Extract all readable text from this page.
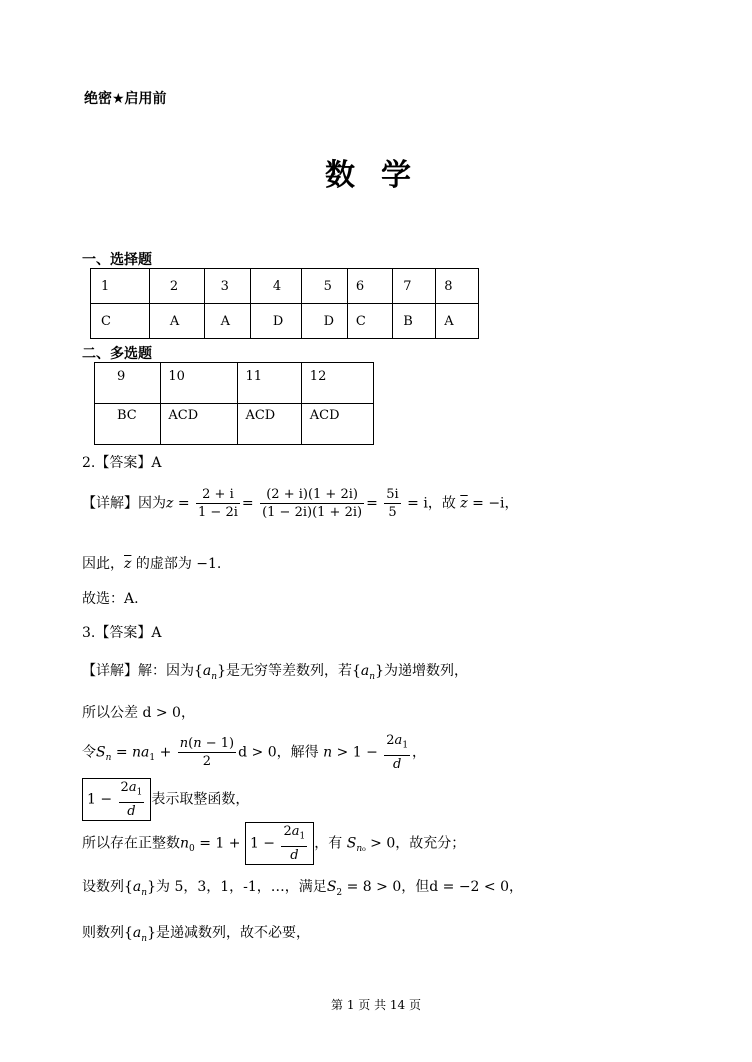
绝密★启用前
数学
一、选择题
1	2	3	4	5	6	7	8
C	A	A	D	D	C	B	A
二、多选题
9	10	11	12
BC	ACD	ACD	ACD
2.【答案】A
【详解】因为$z = \frac{2 + i}{1 - 2i} = \frac{(2 + i)(1 + 2i)}{(1 - 2i)(1 + 2i)} = \frac{5i}{5} = i$，故 $\overline{z} = -i$，
因此，$\overline{z}$ 的虚部为 −1.
故选：A.
3.【答案】A
【详解】解：因为$\{a_n\}$是无穷等差数列，若$\{a_n\}$为递增数列，
所以公差 d > 0，
令$S_n = na_1 + \frac{n(n - 1)}{2}$ d > 0，解得 $n > 1 - \frac{2a_1}{d}$ ，
$1 - \frac{2a_1}{d}$ 表示取整函数，
所以存在正整数$n_0 = 1 + 1 - \frac{2a_1}{d}$ ，有 $S_{n_0} > 0$，故充分；
设数列$\{a_n\}$为 5，3，1，-1，…，满足$S_2 = 8 > 0$，但d = −2 < 0，
则数列$\{a_n\}$是递减数列，故不必要，
第 1 页 共 14 页
